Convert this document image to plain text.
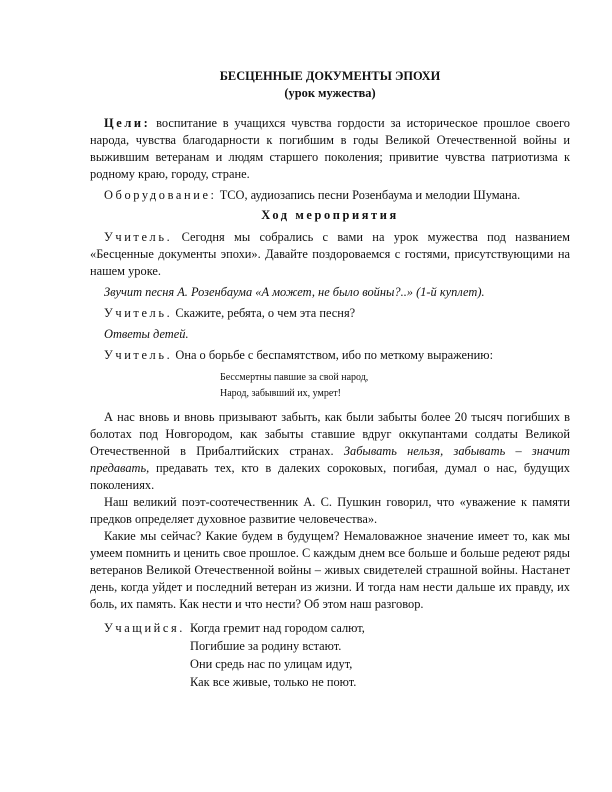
БЕСЦЕННЫЕ ДОКУМЕНТЫ ЭПОХИ

(урок мужества)

Цели: воспитание в учащихся чувства гордости за историческое прошлое своего народа, чувства благодарности к погибшим в годы Великой Отечественной войны и выжившим ветеранам и людям старшего поколения; привитие чувства патриотизма к родному краю, городу, стране.

Оборудование: ТСО, аудиозапись песни Розенбаума и мелодии Шумана.

Ход мероприятия

Учитель. Сегодня мы собрались с вами на урок мужества под названием «Бесценные документы эпохи». Давайте поздороваемся с гостями, присутствующими на нашем уроке.

Звучит песня А. Розенбаума «А может, не было войны?..» (1-й куплет).

Учитель. Скажите, ребята, о чем эта песня?

Ответы детей.

Учитель. Она о борьбе с беспамятством, ибо по меткому выражению:

Бессмертны павшие за свой народ,
Народ, забывший их, умрет!

А нас вновь и вновь призывают забыть, как были забыты более 20 тысяч погибших в болотах под Новгородом, как забыты ставшие вдруг оккупантами солдаты Великой Отечественной в Прибалтийских странах. Забывать нельзя, забывать – значит предавать, предавать тех, кто в далеких сороковых, погибая, думал о нас, будущих поколениях.

Наш великий поэт-соотечественник А. С. Пушкин говорил, что «уважение к памяти предков определяет духовное развитие человечества».

Какие мы сейчас? Какие будем в будущем? Немаловажное значение имеет то, как мы умеем помнить и ценить свое прошлое. С каждым днем все больше и больше редеют ряды ветеранов Великой Отечественной войны – живых свидетелей страшной войны. Настанет день, когда уйдет и последний ветеран из жизни. И тогда нам нести дальше их правду, их боль, их память. Как нести и что нести? Об этом наш разговор.

Учащийся. Когда гремит над городом салют,
Погибшие за родину встают.
Они средь нас по улицам идут,
Как все живые, только не поют.
